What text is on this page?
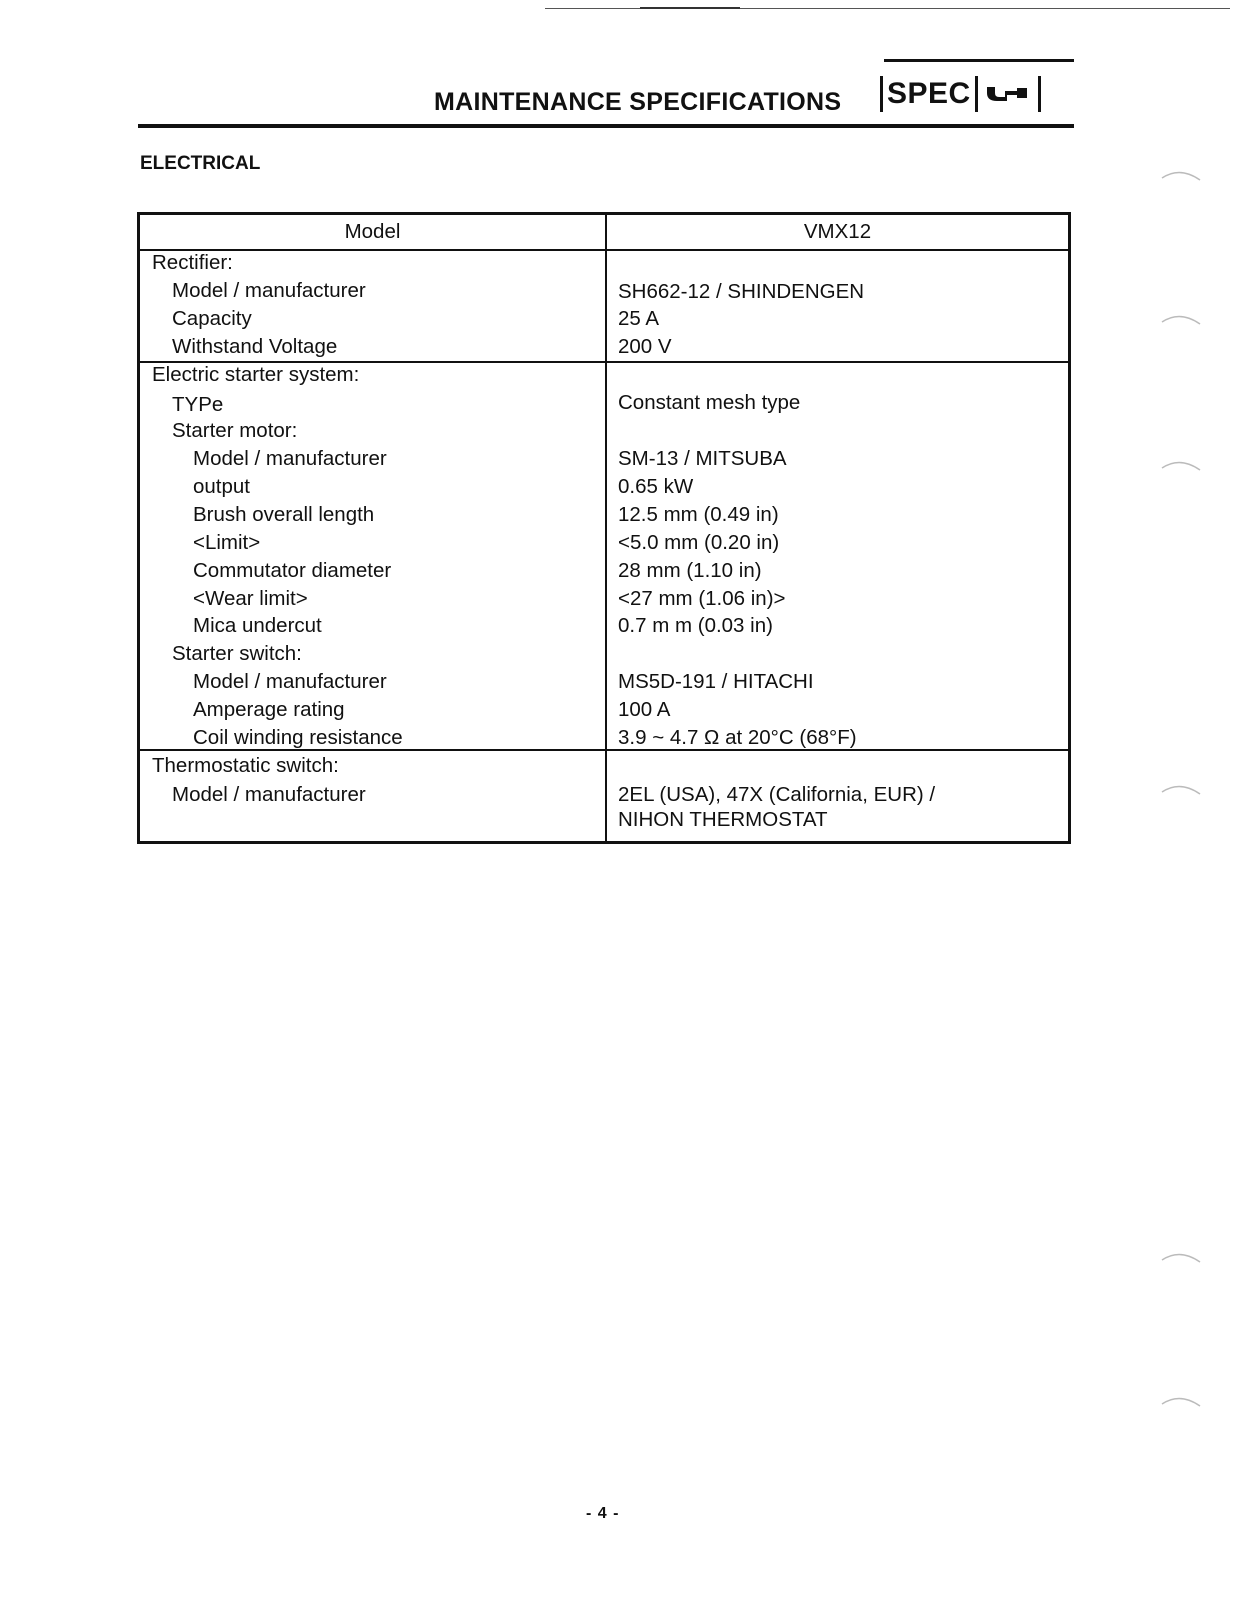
MAINTENANCE SPECIFICATIONS SPEC
ELECTRICAL
Model	VMX12
Rectifier:
Model / manufacturer	SH662-12 / SHINDENGEN
Capacity	25 A
Withstand Voltage	200 V
Electric starter system:
TYPe	Constant mesh type
Starter motor:
Model / manufacturer	SM-13 / MITSUBA
output	0.65 kW
Brush overall length	12.5 mm (0.49 in)
<Limit>	<5.0 mm (0.20 in)
Commutator diameter	28 mm (1.10 in)
<Wear limit>	<27 mm (1.06 in)>
Mica undercut	0.7 m m (0.03 in)
Starter switch:
Model / manufacturer	MS5D-191 / HITACHI
Amperage rating	100 A
Coil winding resistance	3.9 ~ 4.7 Ω at 20°C (68°F)
Thermostatic switch:
Model / manufacturer	2EL (USA), 47X (California, EUR) /
NIHON THERMOSTAT
- 4 -
